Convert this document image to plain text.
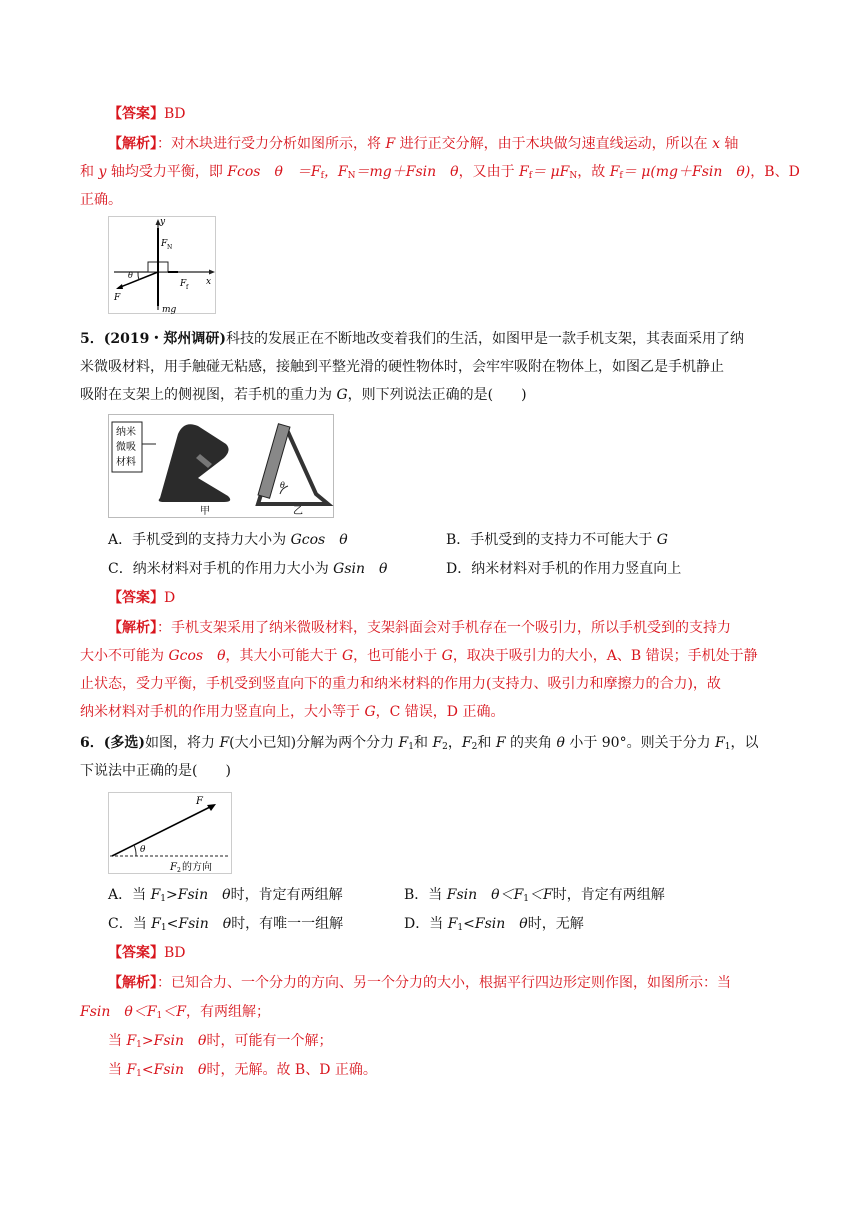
【答案】BD
【解析】：对木块进行受力分析如图所示，将 F 进行正交分解，由于木块做匀速直线运动，所以在 x 轴
和 y 轴均受力平衡，即 Fcos　θ　$=F_f$，$F_N=mg+Fsin$　θ，又由于 $F_f= \mu F_N$，故 $F_f= \mu(mg+Fsin$　θ)，B、D
正确。
y
F N
θ
F f
x
F
mg
5．(2019・郑州调研)科技的发展正在不断地改变着我们的生活，如图甲是一款手机支架，其表面采用了纳
米微吸材料，用手触碰无粘感，接触到平整光滑的硬性物体时，会牢牢吸附在物体上，如图乙是手机静止
吸附在支架上的侧视图，若手机的重力为 G，则下列说法正确的是(　　)
纳米
微吸
材料
甲
θ
乙
A．手机受到的支持力大小为 Gcos　θ	B．手机受到的支持力不可能大于 G
C．纳米材料对手机的作用力大小为 Gsin　θ	D．纳米材料对手机的作用力竖直向上
【答案】D
【解析】：手机支架采用了纳米微吸材料，支架斜面会对手机存在一个吸引力，所以手机受到的支持力
大小不可能为 Gcos　θ，其大小可能大于 G，也可能小于 G，取决于吸引力的大小，A、B 错误；手机处于静
止状态，受力平衡，手机受到竖直向下的重力和纳米材料的作用力(支持力、吸引力和摩擦力的合力)，故
纳米材料对手机的作用力竖直向上，大小等于 G，C 错误，D 正确。
6．(多选)如图，将力 F(大小已知)分解为两个分力 $F_1$和 $F_2$，$F_2$和 F 的夹角 θ 小于 90°。则关于分力 $F_1$，以
下说法中正确的是(　　)
F
θ
F 2 的方向
A．当 $F_1>Fsin$　θ时，肯定有两组解	B．当 Fsin　$\theta<F_1<F$时，肯定有两组解
C．当 $F_1<Fsin$　θ时，有唯一一组解	D．当 $F_1<Fsin$　θ时，无解
【答案】BD
【解析】：已知合力、一个分力的方向、另一个分力的大小，根据平行四边形定则作图，如图所示：当
Fsin　$\theta<F_1<F$，有两组解；
当 $F_1>Fsin$　θ时，可能有一个解；
当 $F_1<Fsin$　θ时，无解。故 B、D 正确。
